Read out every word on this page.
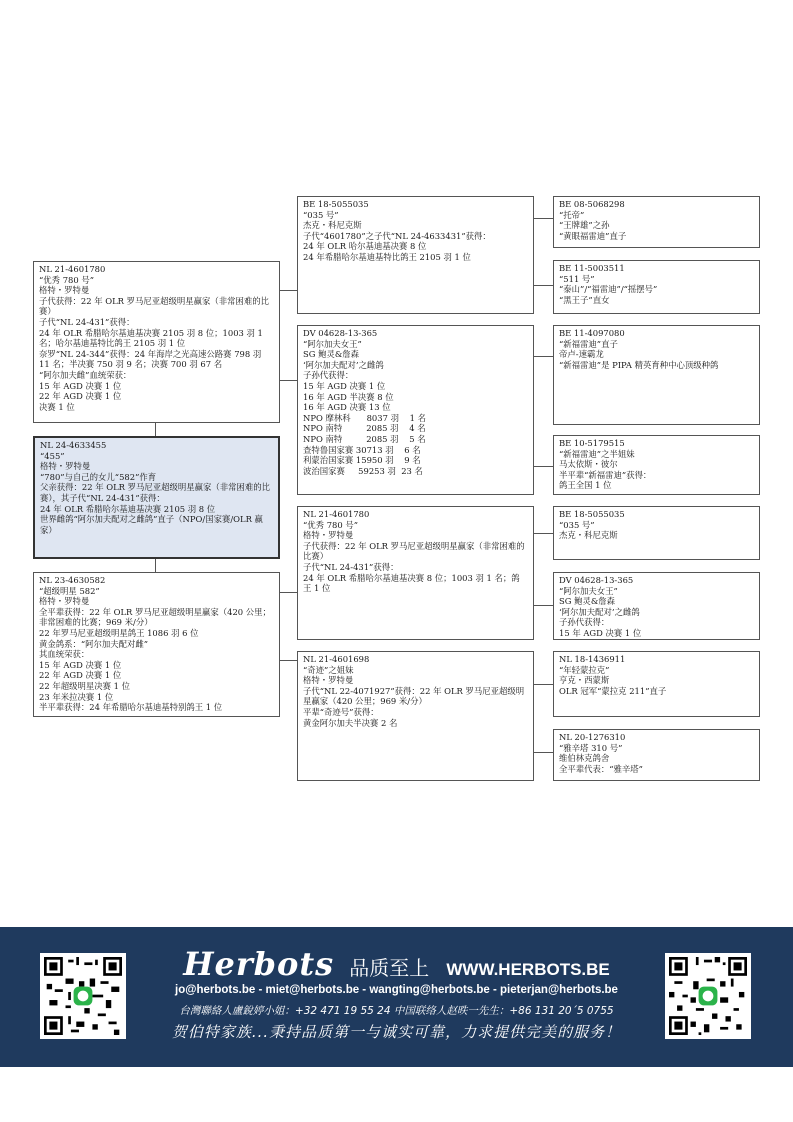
NL 21-4601780
“优秀 780 号”
格特・罗特曼
子代获得：22 年 OLR 罗马尼亚超级明星赢家（非常困难的比赛）
子代“NL 24-431”获得：
24 年 OLR 希腊哈尔基迪基决赛 2105 羽 8 位；1003 羽 1 名；哈尔基迪基特比鸽王 2105 羽 1 位
奈罗“NL 24-344”获得：24 年海岸之光高速公路赛 798 羽 11 名；半决赛 750 羽 9 名；决赛 700 羽 67 名
“阿尔加夫雌”血统荣获：
15 年 AGD 决赛 1 位
22 年 AGD 决赛 1 位
决赛 1 位
NL 24-4633455
“455”
格特・罗特曼
“780”与自己的女儿“582”作育
父亲获得：22 年 OLR 罗马尼亚超级明星赢家（非常困难的比赛），其子代“NL 24-431”获得：
24 年 OLR 希腊哈尔基迪基决赛 2105 羽 8 位
世界雌鸽“阿尔加夫配对之雌鸽”直子（NPO/国家赛/OLR 赢家）
NL 23-4630582
“超级明星 582”
格特・罗特曼
全平辈获得：22 年 OLR 罗马尼亚超级明星赢家（420 公里；非常困难的比赛；969 米/分）
22 年罗马尼亚超级明星鸽王 1086 羽 6 位
黄金鸽系：“阿尔加夫配对雌”
其血统荣获：
15 年 AGD 决赛 1 位
22 年 AGD 决赛 1 位
22 年超级明星决赛 1 位
23 年米拉决赛 1 位
半平辈获得：24 年希腊哈尔基迪基特别鸽王 1 位
BE 18-5055035
“035 号”
杰克・科尼克斯
子代“4601780”之子代“NL 24-4633431”获得：
24 年 OLR 哈尔基迪基决赛 8 位
24 年希腊哈尔基迪基特比鸽王 2105 羽 1 位
DV 04628-13-365
“阿尔加夫女王”
SG 鲍灵&詹森
‘阿尔加夫配对’之雌鸽
子孙代获得：
15 年 AGD 决赛 1 位
16 年 AGD 半决赛 8 位
16 年 AGD 决赛 13 位
NPO 摩林科      8037 羽    1 名
NPO 南特         2085 羽    4 名
NPO 南特         2085 羽    5 名
查特鲁国家赛 30713 羽    6 名
利蒙治国家赛 15950 羽    9 名
波治国家赛     59253 羽  23 名
NL 21-4601780
“优秀 780 号”
格特・罗特曼
子代获得：22 年 OLR 罗马尼亚超级明星赢家（非常困难的比赛）
子代“NL 24-431”获得：
24 年 OLR 希腊哈尔基迪基决赛 8 位；1003 羽 1 名；鸽王 1 位
NL 21-4601698
“奇迹”之姐妹
格特・罗特曼
子代“NL 22-4071927”获得：22 年 OLR 罗马尼亚超级明星赢家（420 公里；969 米/分）
平辈“奇迹号”获得：
黄金阿尔加夫半决赛 2 名
BE 08-5068298
“托帝”
“王牌雄”之孙
“黄眼福雷迪”直子
BE 11-5003511
“511 号”
“泰山”/“福雷迪”/“摇摆号”
“黑王子”直女
BE 11-4097080
“新福雷迪”直子
帝卢-速霸龙
“新福雷迪”是 PIPA 精英育种中心顶级种鸽
BE 10-5179515
“新福雷迪”之半姐妹
马太依斯・彼尔
半平辈“新福雷迪”获得：
鸽王全国 1 位
BE 18-5055035
“035 号”
杰克・科尼克斯
DV 04628-13-365
“阿尔加夫女王”
SG 鲍灵&詹森
‘阿尔加夫配对’之雌鸽
子孙代获得：
15 年 AGD 决赛 1 位
NL 18-1436911
“年轻蒙拉克”
亨克・西蒙斯
OLR 冠军“蒙拉克 211”直子
NL 20-1276310
“雅辛塔 310 号”
维伯林克鸽舍
全平辈代表：“雅辛塔”
Herbots 品质至上 WWW.HERBOTS.BE
jo@herbots.be - miet@herbots.be - wangting@herbots.be - pieterjan@herbots.be
台灣聯絡人盧銳婷小姐：+32 471 19 55 24 中国联络人赵昳一先生：+86 131 20´5 0755
贺伯特家族...秉持品质第一与诚实可靠，力求提供完美的服务！
